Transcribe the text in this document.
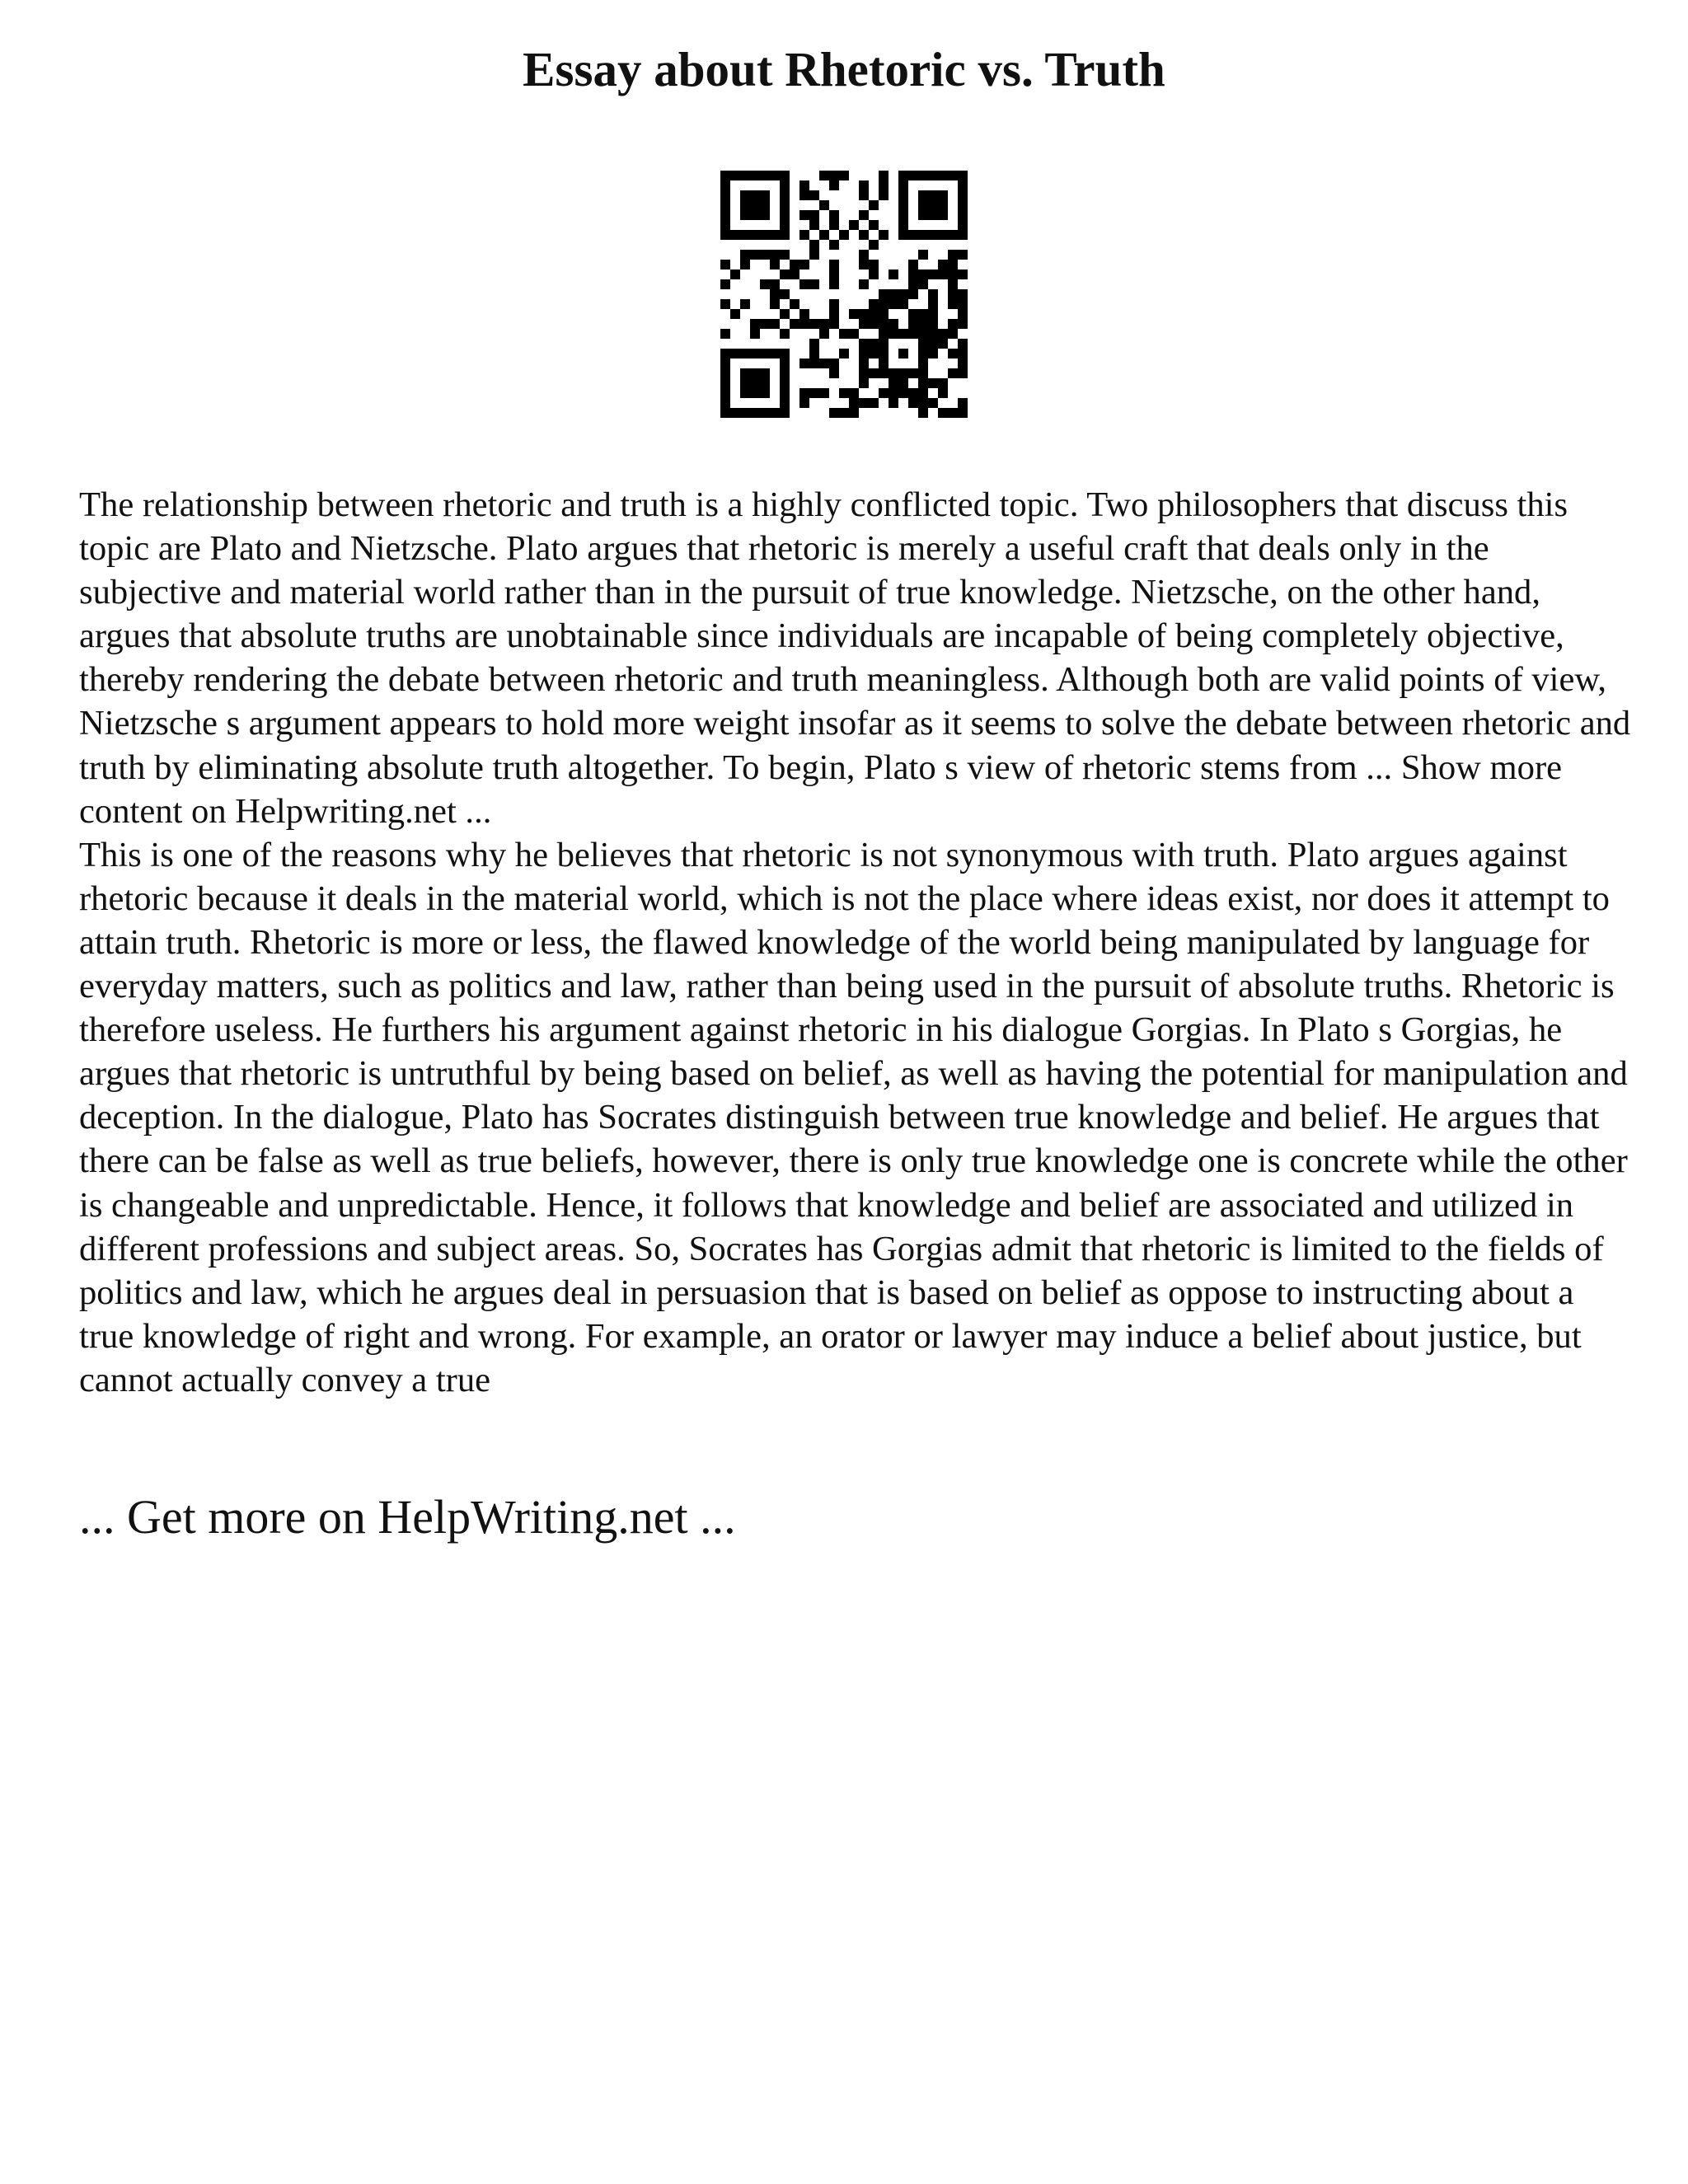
Essay about Rhetoric vs. Truth

The relationship between rhetoric and truth is a highly conflicted topic. Two philosophers that discuss this topic are Plato and Nietzsche. Plato argues that rhetoric is merely a useful craft that deals only in the subjective and material world rather than in the pursuit of true knowledge. Nietzsche, on the other hand, argues that absolute truths are unobtainable since individuals are incapable of being completely objective, thereby rendering the debate between rhetoric and truth meaningless. Although both are valid points of view, Nietzsche s argument appears to hold more weight insofar as it seems to solve the debate between rhetoric and truth by eliminating absolute truth altogether. To begin, Plato s view of rhetoric stems from ... Show more content on Helpwriting.net ...

This is one of the reasons why he believes that rhetoric is not synonymous with truth. Plato argues against rhetoric because it deals in the material world, which is not the place where ideas exist, nor does it attempt to attain truth. Rhetoric is more or less, the flawed knowledge of the world being manipulated by language for everyday matters, such as politics and law, rather than being used in the pursuit of absolute truths. Rhetoric is therefore useless. He furthers his argument against rhetoric in his dialogue Gorgias. In Plato s Gorgias, he argues that rhetoric is untruthful by being based on belief, as well as having the potential for manipulation and deception. In the dialogue, Plato has Socrates distinguish between true knowledge and belief. He argues that there can be false as well as true beliefs, however, there is only true knowledge one is concrete while the other is changeable and unpredictable. Hence, it follows that knowledge and belief are associated and utilized in different professions and subject areas. So, Socrates has Gorgias admit that rhetoric is limited to the fields of politics and law, which he argues deal in persuasion that is based on belief as oppose to instructing about a true knowledge of right and wrong. For example, an orator or lawyer may induce a belief about justice, but cannot actually convey a true

... Get more on HelpWriting.net ...
